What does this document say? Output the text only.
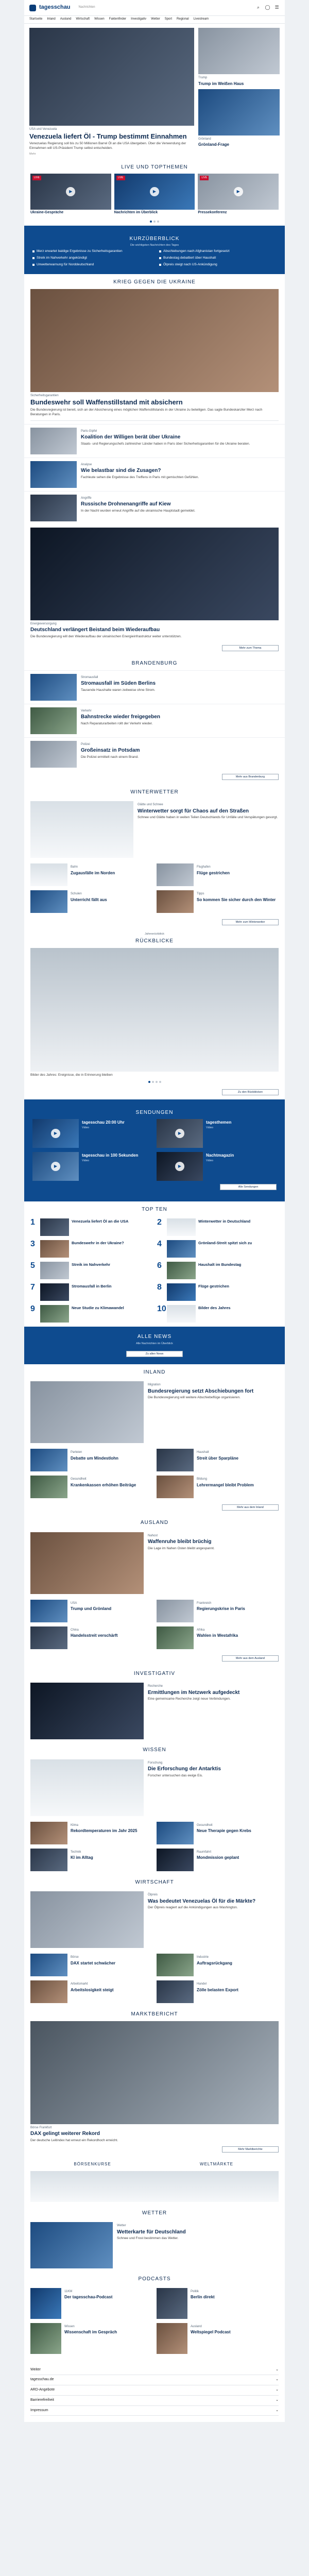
tagesschau	Nachrichten	⌕	◯ ☰
Startseite Inland Ausland Wirtschaft Wissen Faktenfinder Investigativ Wetter Sport Regional Livestream
USA und Venezuela
Venezuela liefert Öl - Trump bestimmt Einnahmen
Venezuelas Regierung soll bis zu 50 Millionen Barrel Öl an die USA übergeben. Über die Verwendung der Einnahmen will US-Präsident Trump selbst entscheiden.
Mehr
Trump
Trump im Weißen Haus
Grönland
Grönland-Frage
LIVE UND TOPTHEMEN
LIVE
▶
Ukraine-Gespräche
LIVE
▶
Nachrichten im Überblick
LIVE
▶
Pressekonferenz
KURZÜBERBLICK
Die wichtigsten Nachrichten des Tages
Merz erwartet baldige Ergebnisse zu Sicherheitsgarantien	Abschiebungen nach Afghanistan fortgesetzt
Streik im Nahverkehr angekündigt	Bundestag debattiert über Haushalt
Unwetterwarnung für Norddeutschland	Ölpreis steigt nach US-Ankündigung
KRIEG GEGEN DIE UKRAINE
Sicherheitsgarantien
Bundeswehr soll Waffenstillstand mit absichern
Die Bundesregierung ist bereit, sich an der Absicherung eines möglichen Waffenstillstands in der Ukraine zu beteiligen. Das sagte Bundeskanzler Merz nach Beratungen in Paris.
Paris-Gipfel
Koalition der Willigen berät über Ukraine
Staats- und Regierungschefs zahlreicher Länder haben in Paris über Sicherheitsgarantien für die Ukraine beraten.
Analyse
Wie belastbar sind die Zusagen?
Fachleute sehen die Ergebnisse des Treffens in Paris mit gemischten Gefühlen.
Angriffe
Russische Drohnenangriffe auf Kiew
In der Nacht wurden erneut Angriffe auf die ukrainische Hauptstadt gemeldet.
Energieversorgung
Deutschland verlängert Beistand beim Wiederaufbau
Die Bundesregierung will den Wiederaufbau der ukrainischen Energieinfrastruktur weiter unterstützen.
Mehr zum Thema
BRANDENBURG
Stromausfall
Stromausfall im Süden Berlins
Tausende Haushalte waren zeitweise ohne Strom.
Verkehr
Bahnstrecke wieder freigegeben
Nach Reparaturarbeiten rollt der Verkehr wieder.
Polizei
Großeinsatz in Potsdam
Die Polizei ermittelt nach einem Brand.
Mehr aus Brandenburg
WINTERWETTER
Glätte und Schnee
Winterwetter sorgt für Chaos auf den Straßen
Schnee und Glätte haben in weiten Teilen Deutschlands für Unfälle und Verspätungen gesorgt.
Bahn
Zugausfälle im Norden
Flughafen
Flüge gestrichen
Schulen
Unterricht fällt aus
Tipps
So kommen Sie sicher durch den Winter
Mehr zum Winterwetter
Jahresrückblick
RÜCKBLICKE
Bilder des Jahres: Ereignisse, die in Erinnerung bleiben
Zu den Rückblicken
SENDUNGEN
▶
tagesschau 20:00 Uhr
Video
▶
tagesthemen
Video
▶
tagesschau in 100 Sekunden
Video
▶
Nachtmagazin
Video
Alle Sendungen
TOP TEN
1	Venezuela liefert Öl an die USA	2	Winterwetter in Deutschland
3	Bundeswehr in der Ukraine?	4	Grönland-Streit spitzt sich zu
5	Streik im Nahverkehr	6	Haushalt im Bundestag
7	Stromausfall in Berlin	8	Flüge gestrichen
9	Neue Studie zu Klimawandel	10	Bilder des Jahres
ALLE NEWS
Alle Nachrichten im Überblick
Zu allen News
INLAND
Migration
Bundesregierung setzt Abschiebungen fort
Die Bundesregierung will weitere Abschiebeflüge organisieren.
Parteien
Debatte um Mindestlohn
Haushalt
Streit über Sparpläne
Gesundheit
Krankenkassen erhöhen Beiträge
Bildung
Lehrermangel bleibt Problem
Mehr aus dem Inland
AUSLAND
Nahost
Waffenruhe bleibt brüchig
Die Lage im Nahen Osten bleibt angespannt.
USA
Trump und Grönland
Frankreich
Regierungskrise in Paris
China
Handelsstreit verschärft
Afrika
Wahlen in Westafrika
Mehr aus dem Ausland
INVESTIGATIV
Recherche
Ermittlungen im Netzwerk aufgedeckt
Eine gemeinsame Recherche zeigt neue Verbindungen.
WISSEN
Forschung
Die Erforschung der Antarktis
Forscher untersuchen das ewige Eis.
Klima
Rekordtemperaturen im Jahr 2025
Gesundheit
Neue Therapie gegen Krebs
Technik
KI im Alltag
Raumfahrt
Mondmission geplant
WIRTSCHAFT
Ölpreis
Was bedeutet Venezuelas Öl für die Märkte?
Der Ölpreis reagiert auf die Ankündigungen aus Washington.
Börse
DAX startet schwächer
Industrie
Auftragsrückgang
Arbeitsmarkt
Arbeitslosigkeit steigt
Handel
Zölle belasten Export
MARKTBERICHT
Börse Frankfurt
DAX gelingt weiterer Rekord
Der deutsche Leitindex hat erneut ein Rekordhoch erreicht.
Mehr Marktberichte
BÖRSENKURSE	WELTMÄRKTE
WETTER
Wetter
Wetterkarte für Deutschland
Schnee und Frost bestimmen das Wetter.
PODCASTS
11KM
Der tagesschau-Podcast
Politik
Berlin direkt
Wissen
Wissenschaft im Gespräch
Ausland
Weltspiegel Podcast
Weiter	⌄
tagesschau.de	⌄
ARD-Angebote	⌄
Barrierefreiheit	⌄
Impressum	⌄
